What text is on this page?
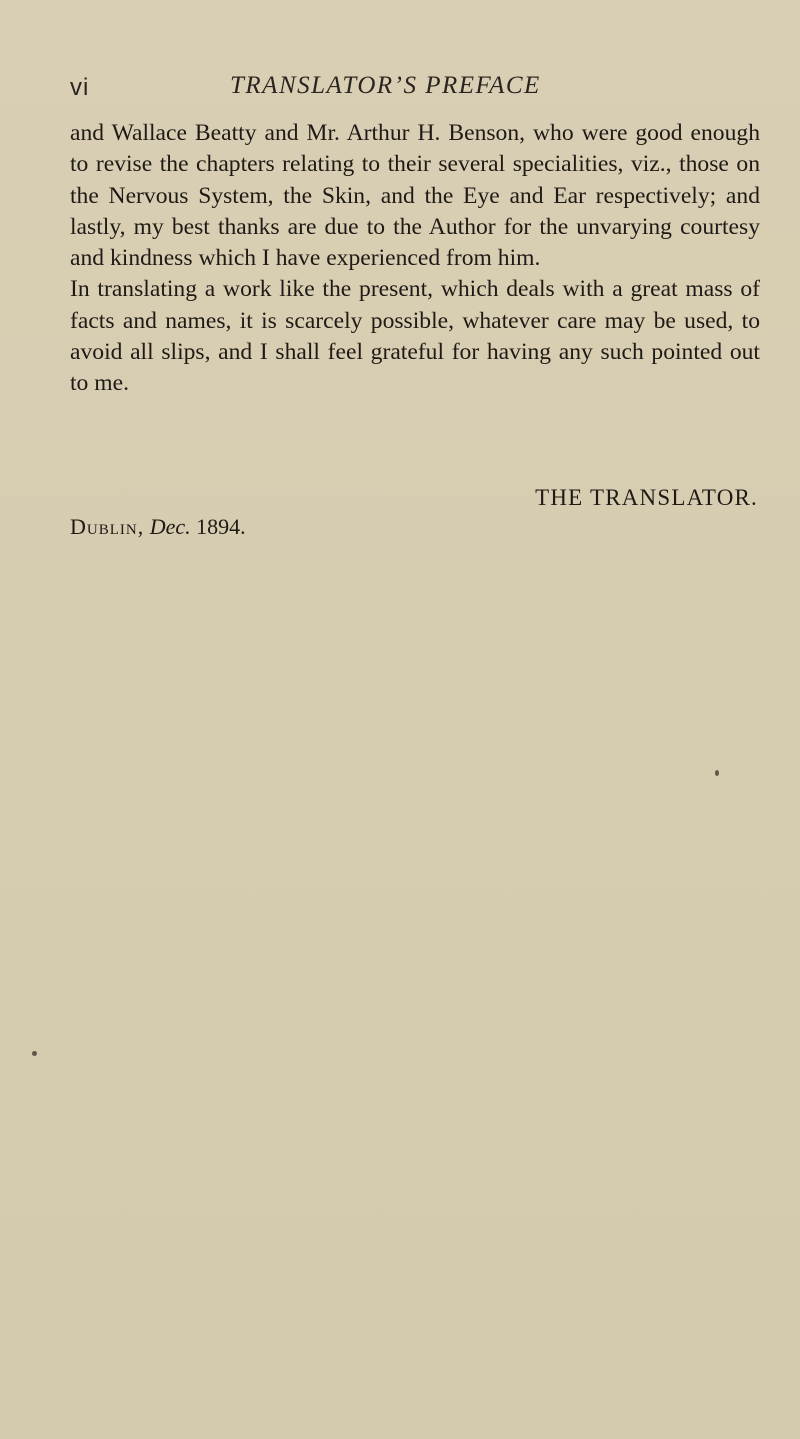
vi	TRANSLATOR’S PREFACE

and Wallace Beatty and Mr. Arthur H. Benson, who were good enough to revise the chapters relating to their several specialities, viz., those on the Nervous System, the Skin, and the Eye and Ear respectively; and lastly, my best thanks are due to the Author for the unvarying courtesy and kindness which I have experienced from him.

In translating a work like the present, which deals with a great mass of facts and names, it is scarcely possible, whatever care may be used, to avoid all slips, and I shall feel grateful for having any such pointed out to me.

THE TRANSLATOR.
Dublin, Dec. 1894.
